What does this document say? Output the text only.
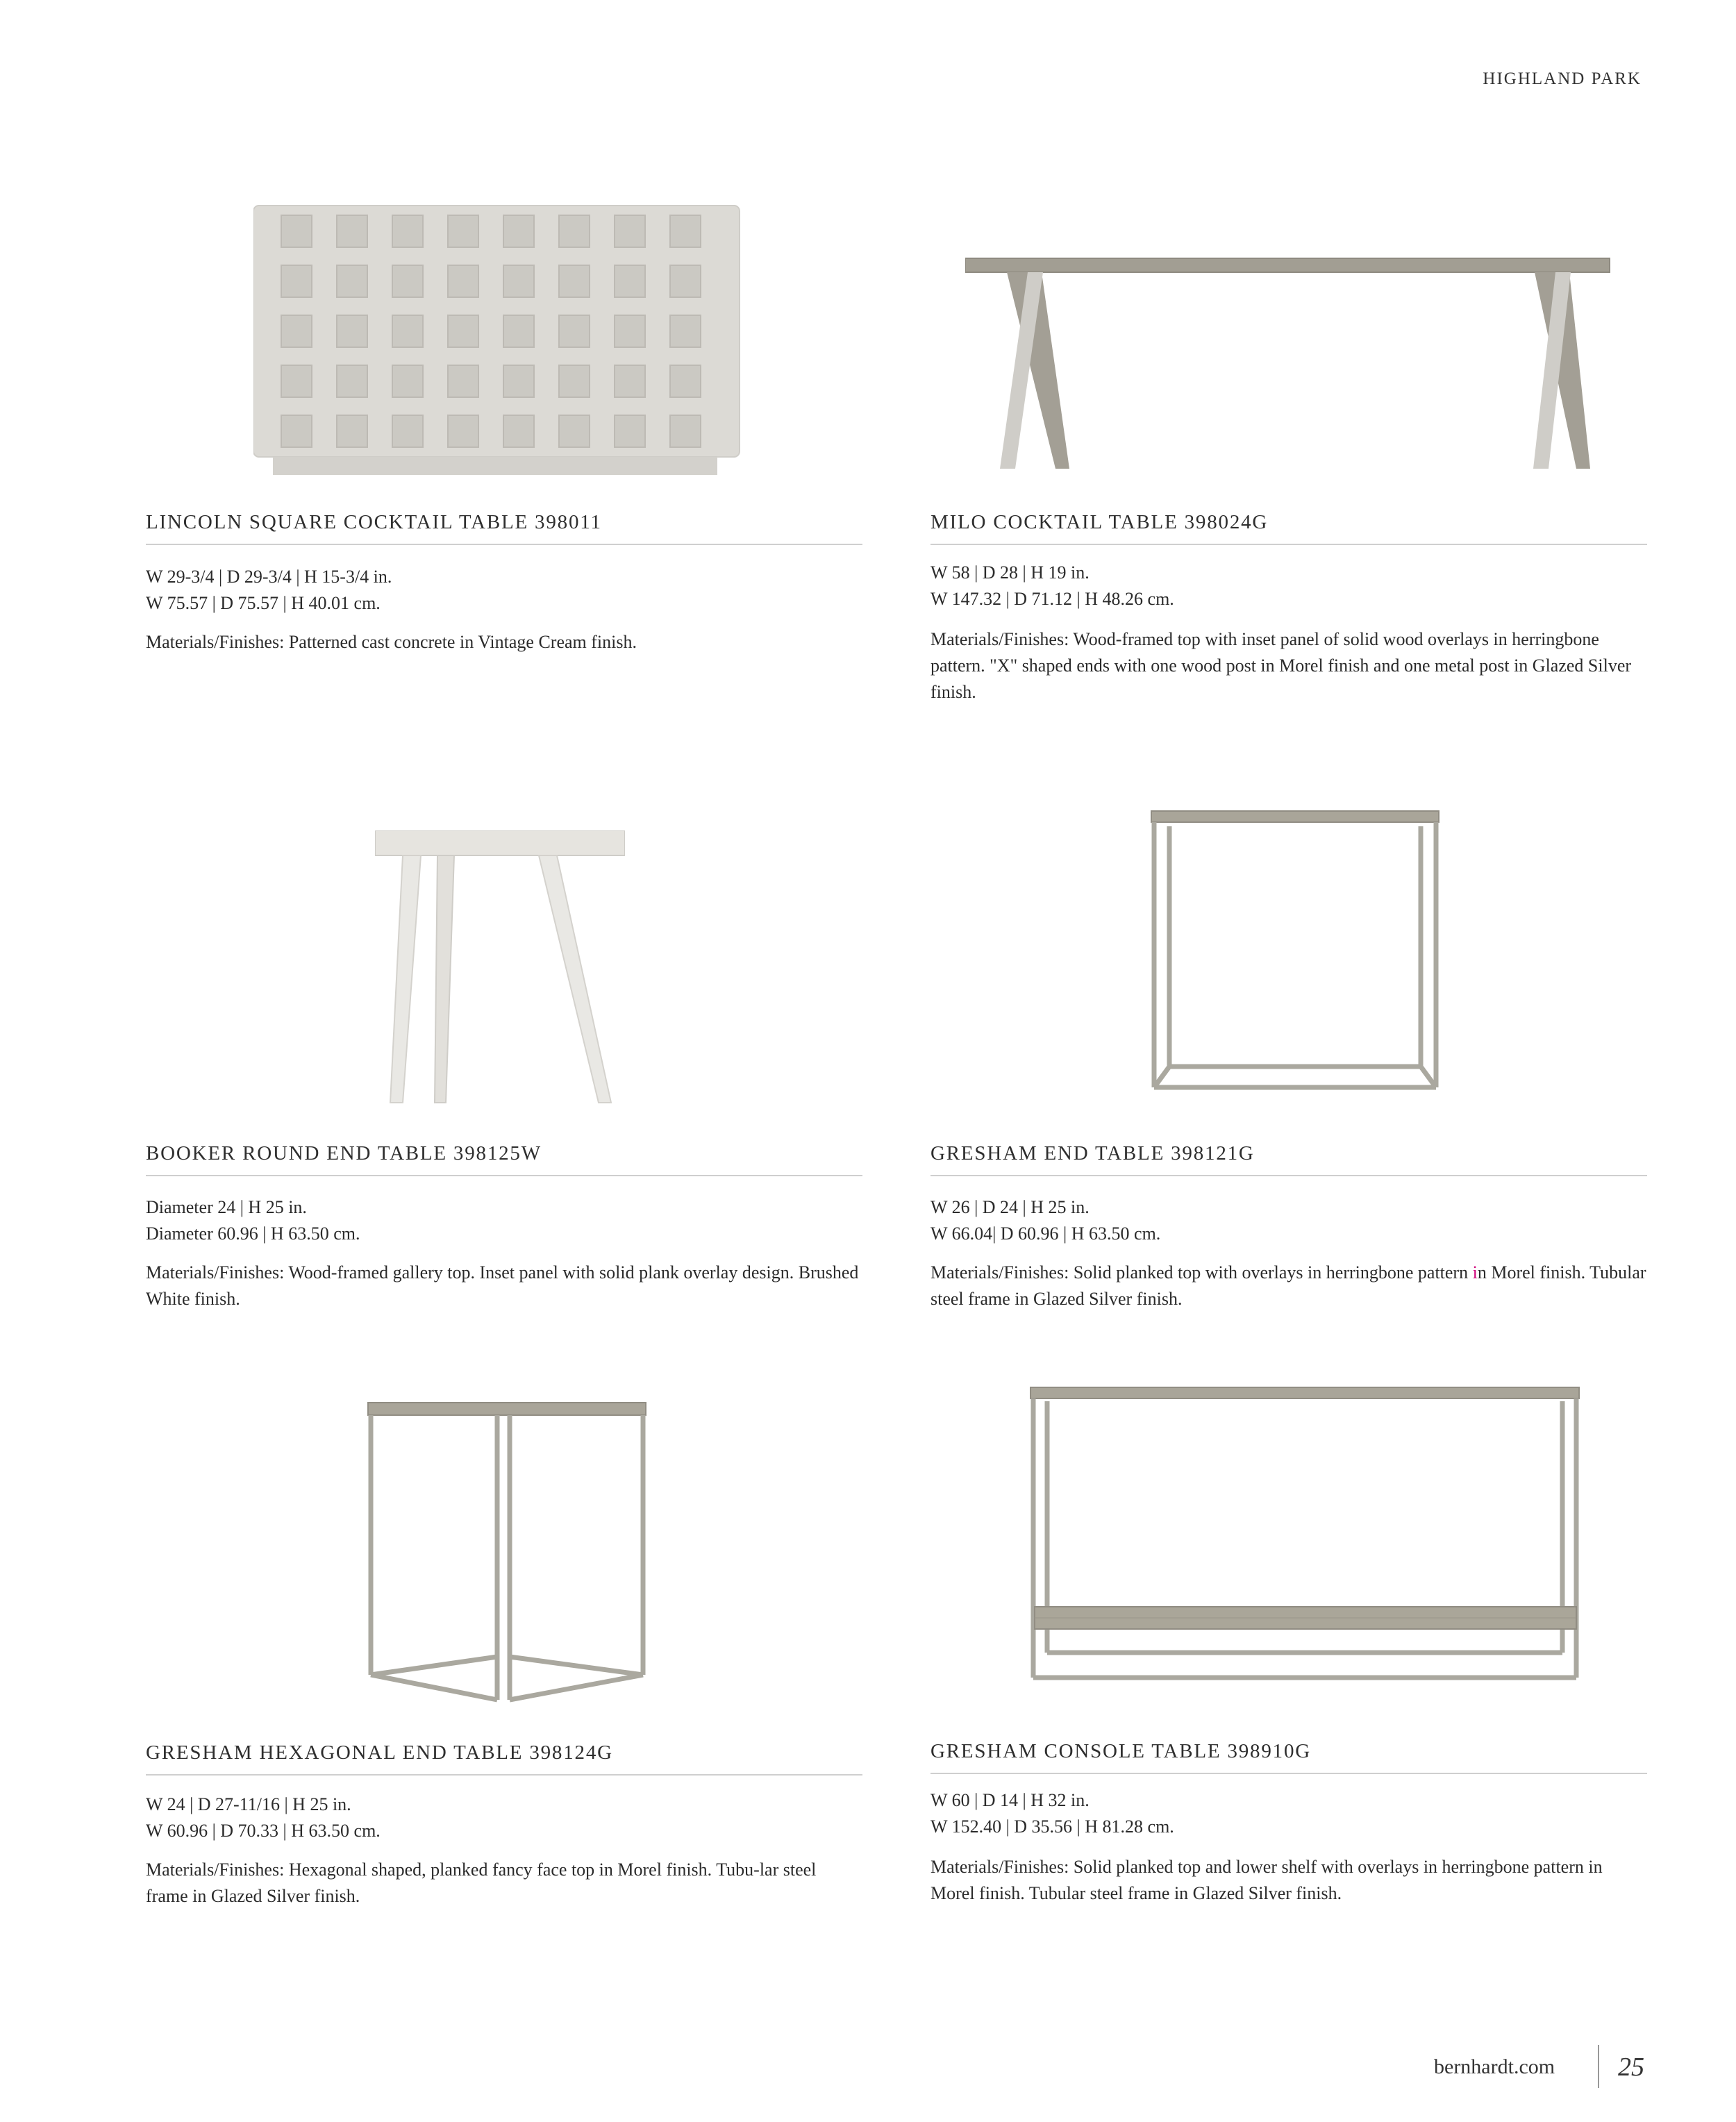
HIGHLAND PARK
LINCOLN SQUARE COCKTAIL TABLE 398011
W 29-3/4 | D 29-3/4 | H 15-3/4 in.
W 75.57 | D 75.57 | H 40.01 cm.
Materials/Finishes: Patterned cast concrete in Vintage Cream finish.
MILO COCKTAIL TABLE 398024G
W 58 | D 28 | H 19 in.
W 147.32 | D 71.12 | H 48.26 cm.
Materials/Finishes: Wood-framed top with inset panel of solid wood overlays in herringbone pattern. "X" shaped ends with one wood post in Morel finish and one metal post in Glazed Silver finish.
BOOKER ROUND END TABLE 398125W
Diameter 24 | H 25 in.
Diameter 60.96 | H 63.50 cm.
Materials/Finishes: Wood-framed gallery top. Inset panel with solid plank overlay design. Brushed White finish.
GRESHAM END TABLE 398121G
W 26 | D 24 | H 25 in.
W 66.04| D 60.96 | H 63.50 cm.
Materials/Finishes: Solid planked top with overlays in herringbone pattern in Morel finish. Tubular steel frame in Glazed Silver finish.
GRESHAM HEXAGONAL END TABLE 398124G
W 24 | D 27-11/16 | H 25 in.
W 60.96 | D 70.33 | H 63.50 cm.
Materials/Finishes: Hexagonal shaped, planked fancy face top in Morel finish. Tubu-lar steel frame in Glazed Silver finish.
GRESHAM CONSOLE TABLE 398910G
W 60 | D 14 | H 32 in.
W 152.40 | D 35.56 | H 81.28 cm.
Materials/Finishes: Solid planked top and lower shelf with overlays in herringbone pattern in Morel finish. Tubular steel frame in Glazed Silver finish.
bernhardt.com 25
